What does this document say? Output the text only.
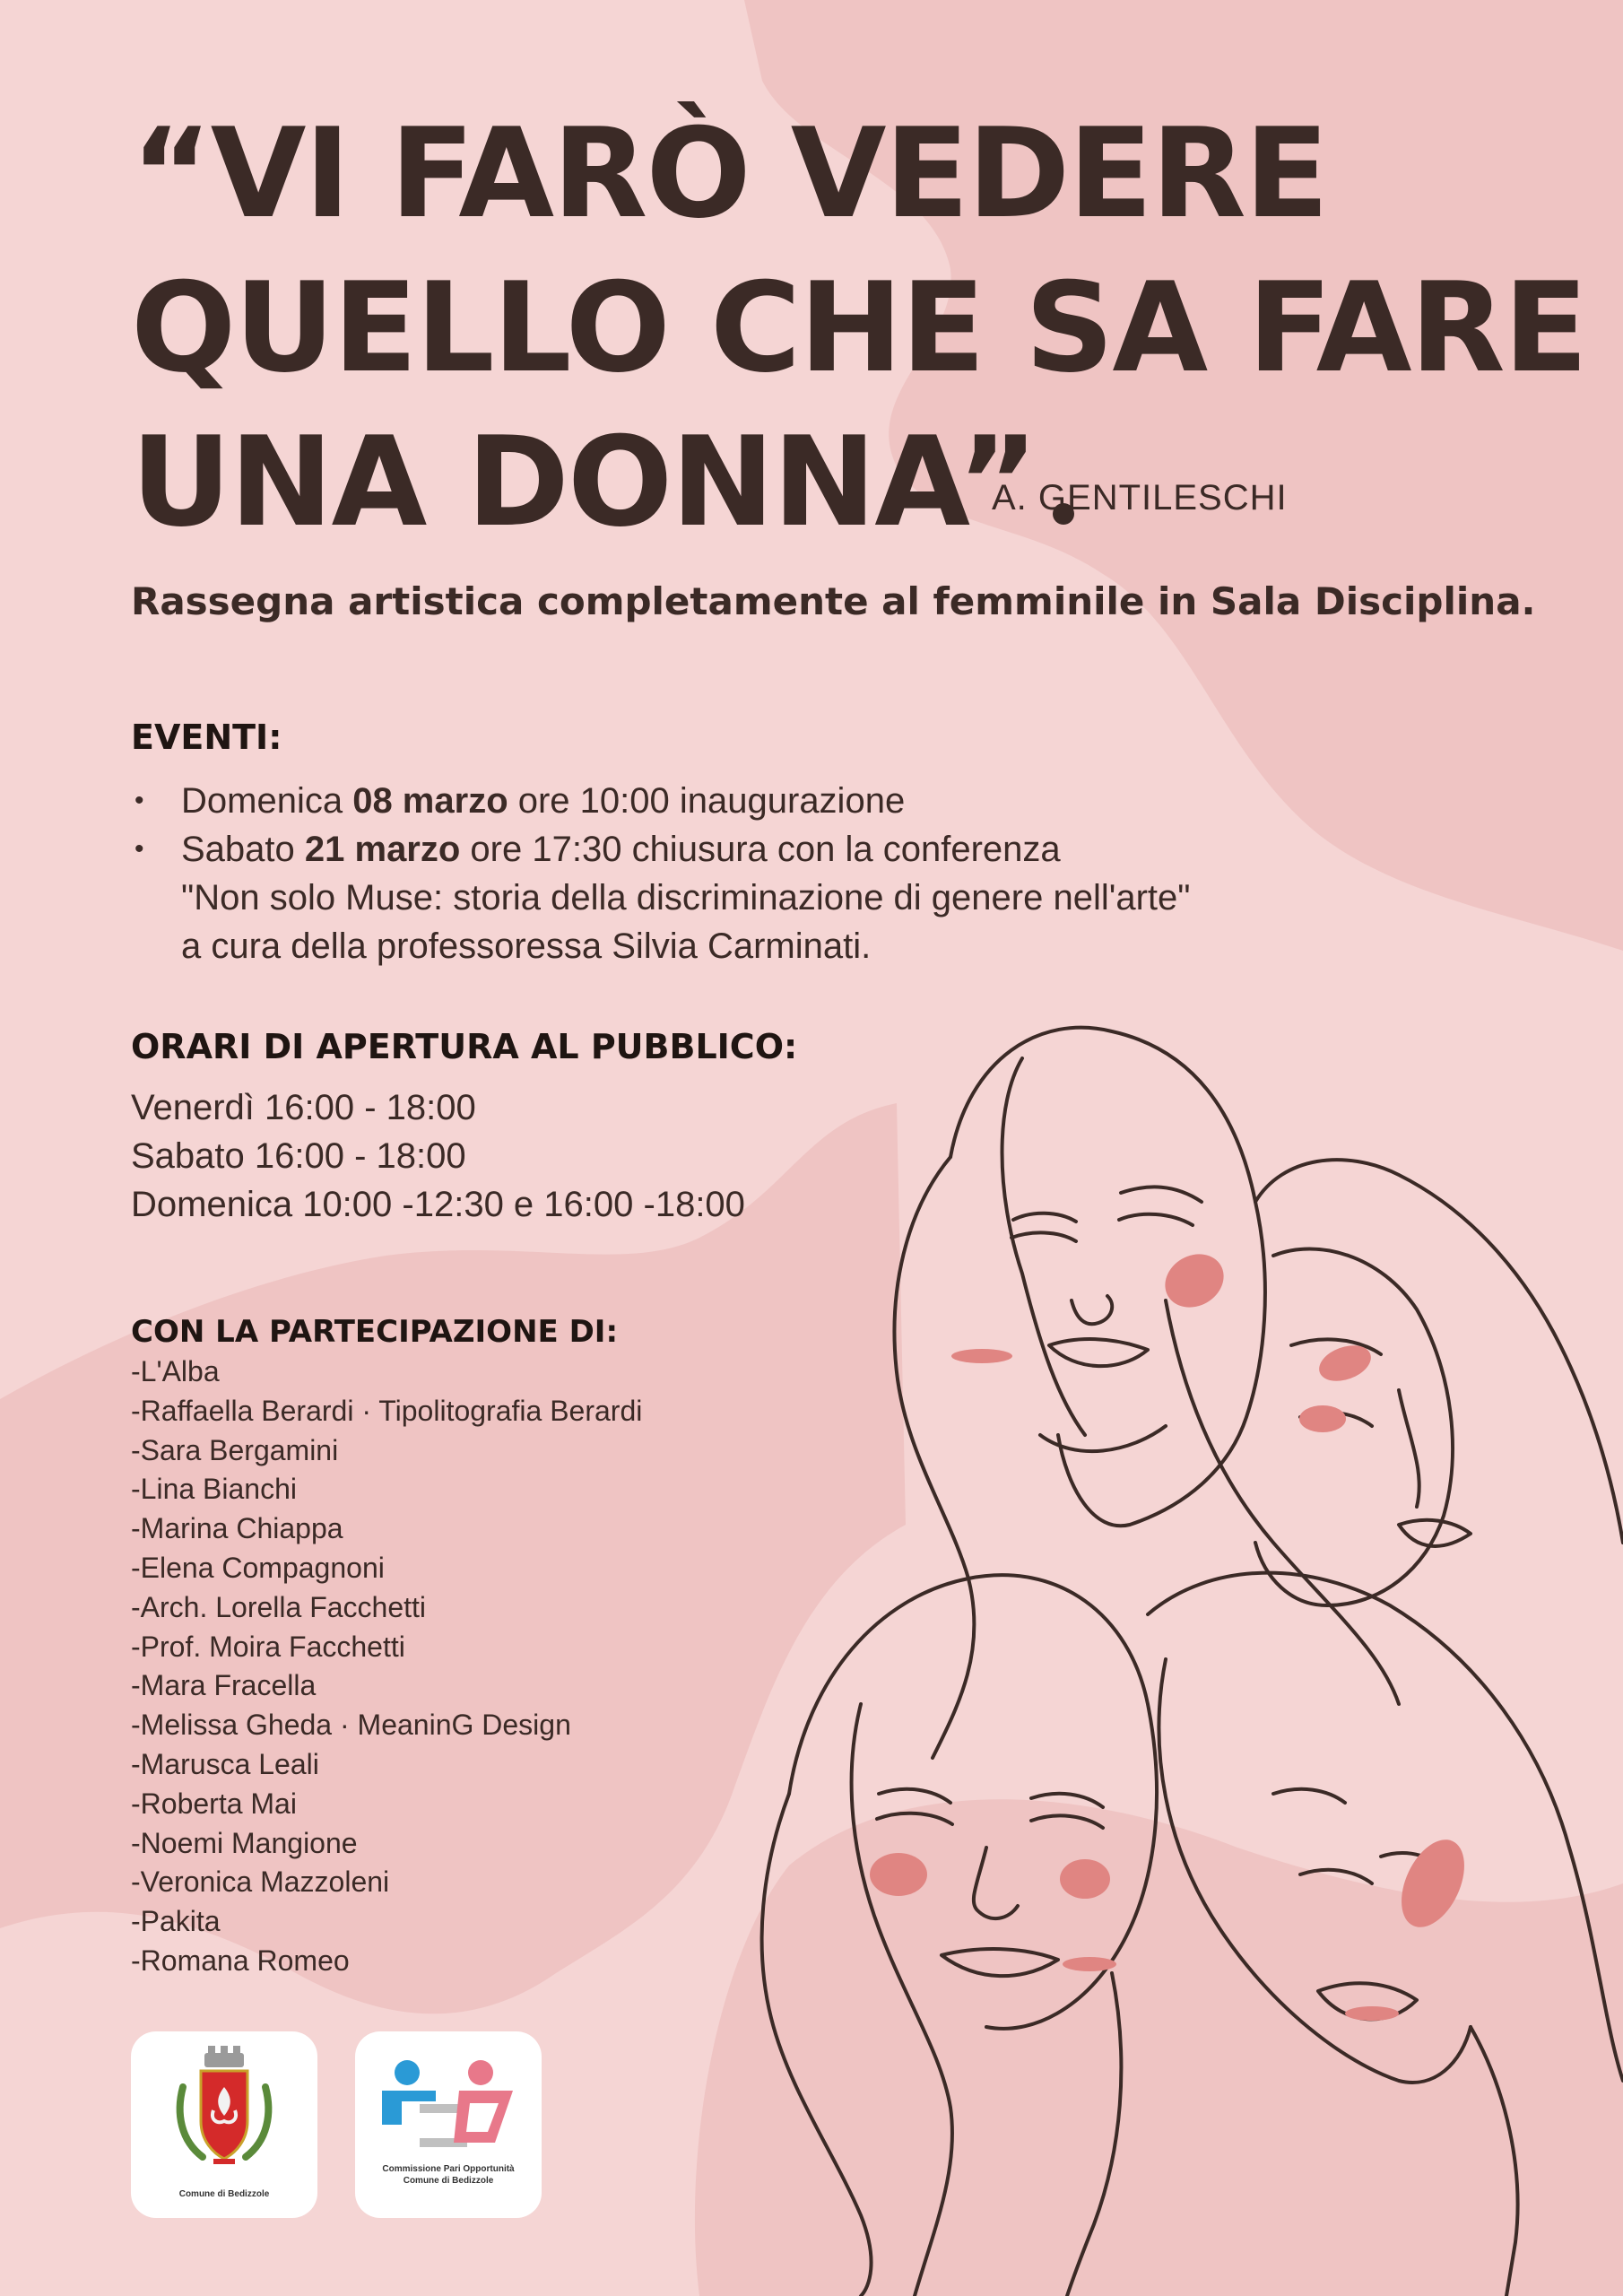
“VI FARÒ VEDERE
QUELLO CHE SA FARE
UNA DONNA”
A. GENTILESCHI
Rassegna artistica completamente al femminile in Sala Disciplina.
EVENTI:
• Domenica 08 marzo ore 10:00 inaugurazione
• Sabato 21 marzo ore 17:30 chiusura con la conferenza
"Non solo Muse: storia della discriminazione di genere nell'arte"
a cura della professoressa Silvia Carminati.
ORARI DI APERTURA AL PUBBLICO:
Venerdì 16:00 - 18:00
Sabato 16:00 - 18:00
Domenica 10:00 -12:30 e 16:00 -18:00
CON LA PARTECIPAZIONE DI:
-L'Alba
-Raffaella Berardi · Tipolitografia Berardi
-Sara Bergamini
-Lina Bianchi
-Marina Chiappa
-Elena Compagnoni
-Arch. Lorella Facchetti
-Prof. Moira Facchetti
-Mara Fracella
-Melissa Gheda · MeaninG Design
-Marusca Leali
-Roberta Mai
-Noemi Mangione
-Veronica Mazzoleni
-Pakita
-Romana Romeo
Comune di Bedizzole
Commissione Pari Opportunità
Comune di Bedizzole
